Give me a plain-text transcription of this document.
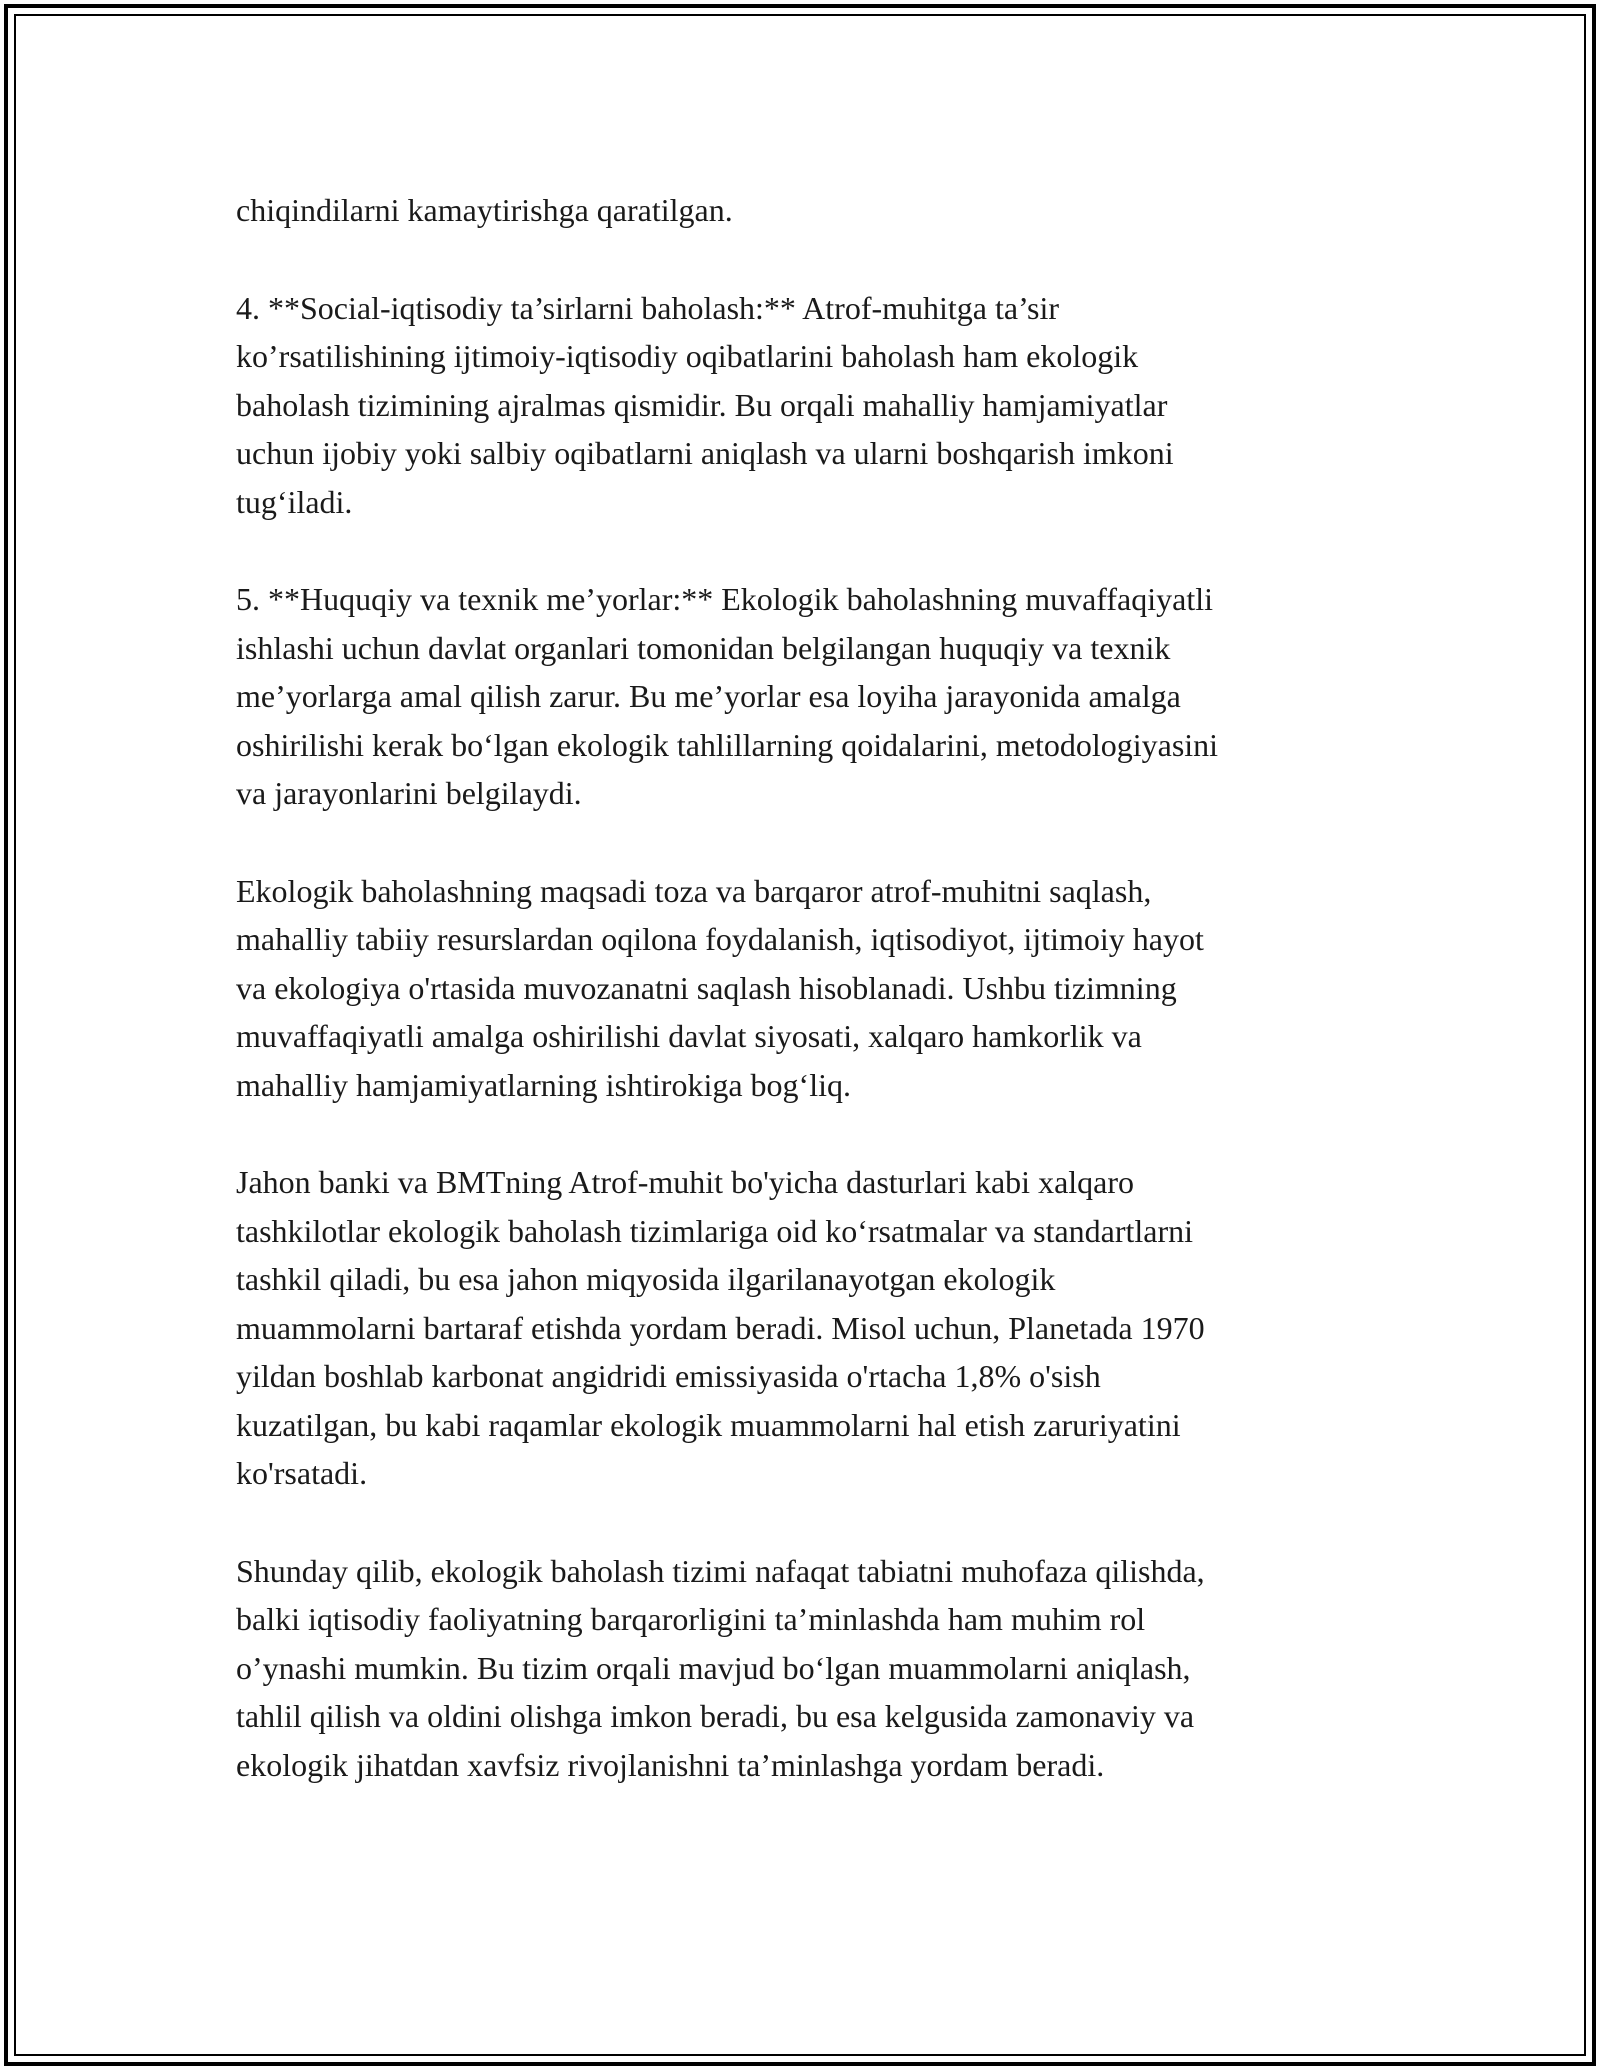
chiqindilarni kamaytirishga qaratilgan.

4. **Social-iqtisodiy ta’sirlarni baholash:** Atrof-muhitga ta’sir
ko’rsatilishining ijtimoiy-iqtisodiy oqibatlarini baholash ham ekologik
baholash tizimining ajralmas qismidir. Bu orqali mahalliy hamjamiyatlar
uchun ijobiy yoki salbiy oqibatlarni aniqlash va ularni boshqarish imkoni
tug‘iladi.

5. **Huquqiy va texnik me’yorlar:** Ekologik baholashning muvaffaqiyatli
ishlashi uchun davlat organlari tomonidan belgilangan huquqiy va texnik
me’yorlarga amal qilish zarur. Bu me’yorlar esa loyiha jarayonida amalga
oshirilishi kerak bo‘lgan ekologik tahlillarning qoidalarini, metodologiyasini
va jarayonlarini belgilaydi.

Ekologik baholashning maqsadi toza va barqaror atrof-muhitni saqlash,
mahalliy tabiiy resurslardan oqilona foydalanish, iqtisodiyot, ijtimoiy hayot
va ekologiya o'rtasida muvozanatni saqlash hisoblanadi. Ushbu tizimning
muvaffaqiyatli amalga oshirilishi davlat siyosati, xalqaro hamkorlik va
mahalliy hamjamiyatlarning ishtirokiga bog‘liq.

Jahon banki va BMTning Atrof-muhit bo'yicha dasturlari kabi xalqaro
tashkilotlar ekologik baholash tizimlariga oid ko‘rsatmalar va standartlarni
tashkil qiladi, bu esa jahon miqyosida ilgarilanayotgan ekologik
muammolarni bartaraf etishda yordam beradi. Misol uchun, Planetada 1970
yildan boshlab karbonat angidridi emissiyasida o'rtacha 1,8% o'sish
kuzatilgan, bu kabi raqamlar ekologik muammolarni hal etish zaruriyatini
ko'rsatadi.

Shunday qilib, ekologik baholash tizimi nafaqat tabiatni muhofaza qilishda,
balki iqtisodiy faoliyatning barqarorligini ta’minlashda ham muhim rol
o’ynashi mumkin. Bu tizim orqali mavjud bo‘lgan muammolarni aniqlash,
tahlil qilish va oldini olishga imkon beradi, bu esa kelgusida zamonaviy va
ekologik jihatdan xavfsiz rivojlanishni ta’minlashga yordam beradi.
